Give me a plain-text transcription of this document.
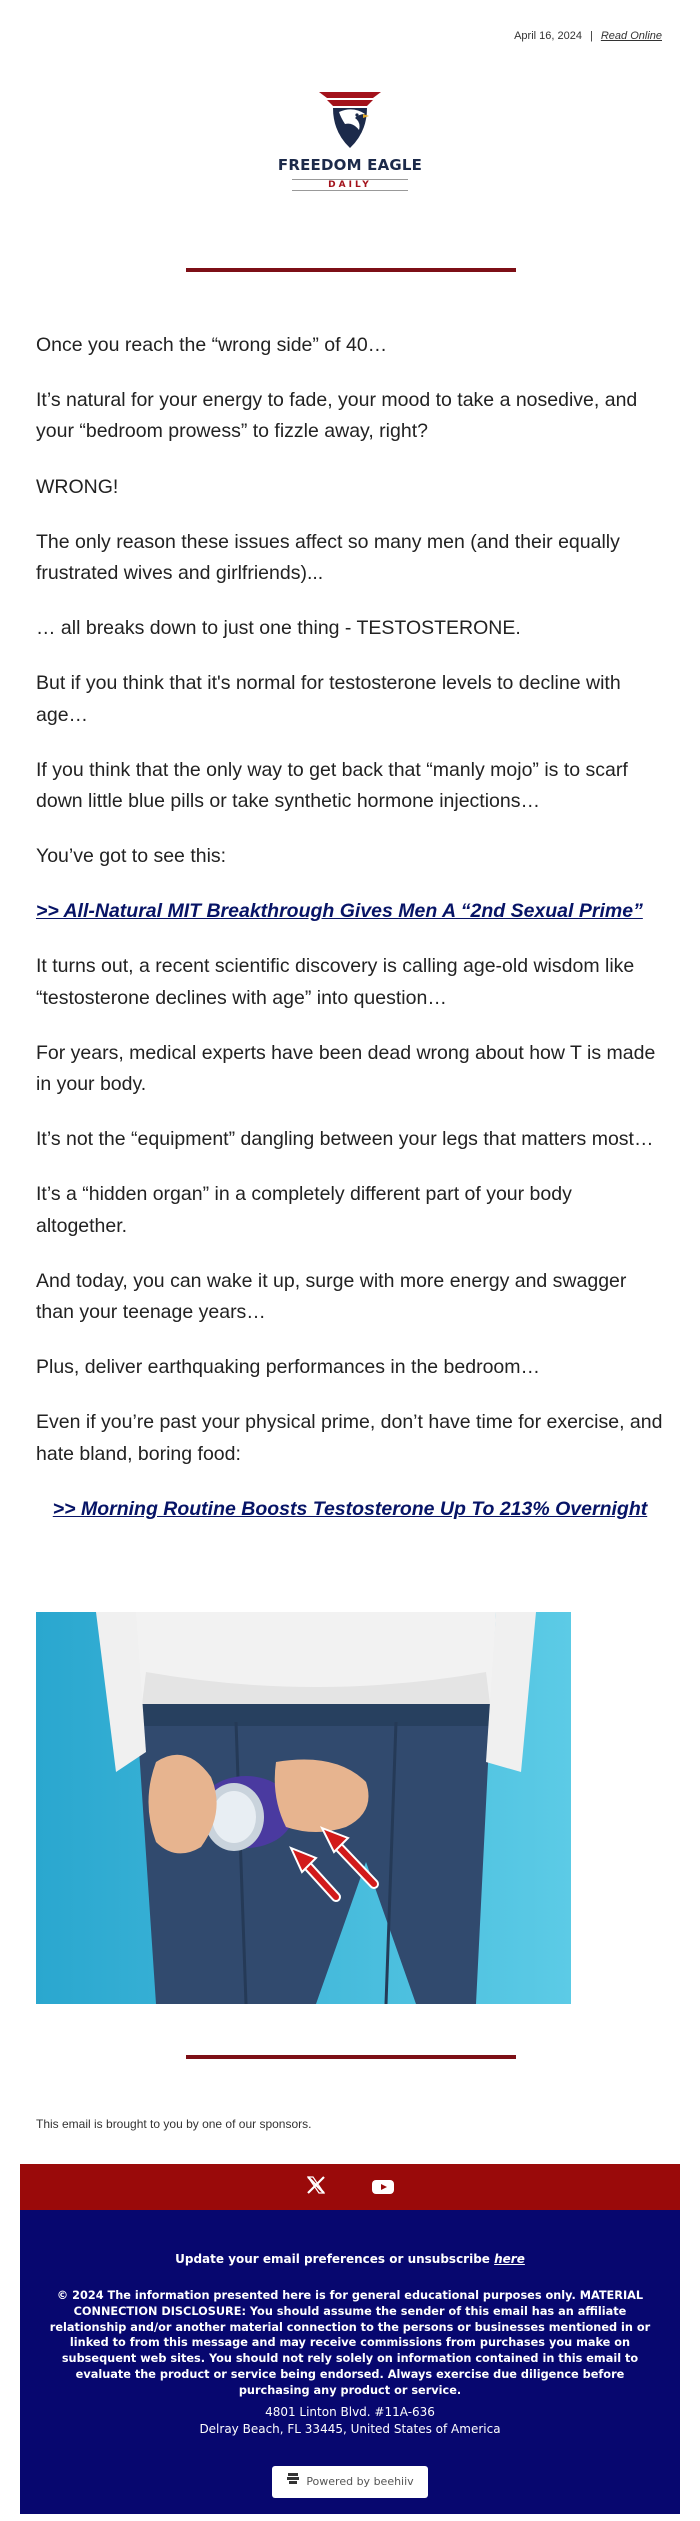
April 16, 2024 | Read Online
FREEDOM EAGLE
DAILY

Once you reach the “wrong side” of 40…

It’s natural for your energy to fade, your mood to take a nosedive, and your “bedroom prowess” to fizzle away, right?

WRONG!

The only reason these issues affect so many men (and their equally frustrated wives and girlfriends)...

… all breaks down to just one thing - TESTOSTERONE.

But if you think that it's normal for testosterone levels to decline with age…

If you think that the only way to get back that “manly mojo” is to scarf down little blue pills or take synthetic hormone injections…

You’ve got to see this:

>> All-Natural MIT Breakthrough Gives Men A “2nd Sexual Prime”

It turns out, a recent scientific discovery is calling age-old wisdom like “testosterone declines with age” into question…

For years, medical experts have been dead wrong about how T is made in your body.

It’s not the “equipment” dangling between your legs that matters most…

It’s a “hidden organ” in a completely different part of your body altogether.

And today, you can wake it up, surge with more energy and swagger than your teenage years…

Plus, deliver earthquaking performances in the bedroom…

Even if you’re past your physical prime, don’t have time for exercise, and hate bland, boring food:

>> Morning Routine Boosts Testosterone Up To 213% Overnight

This email is brought to you by one of our sponsors.

Update your email preferences or unsubscribe here
© 2024 The information presented here is for general educational purposes only. MATERIAL CONNECTION DISCLOSURE: You should assume the sender of this email has an affiliate relationship and/or another material connection to the persons or businesses mentioned in or linked to from this message and may receive commissions from purchases you make on subsequent web sites. You should not rely solely on information contained in this email to evaluate the product or service being endorsed. Always exercise due diligence before purchasing any product or service.
4801 Linton Blvd. #11A-636
Delray Beach, FL 33445, United States of America
Powered by beehiiv
